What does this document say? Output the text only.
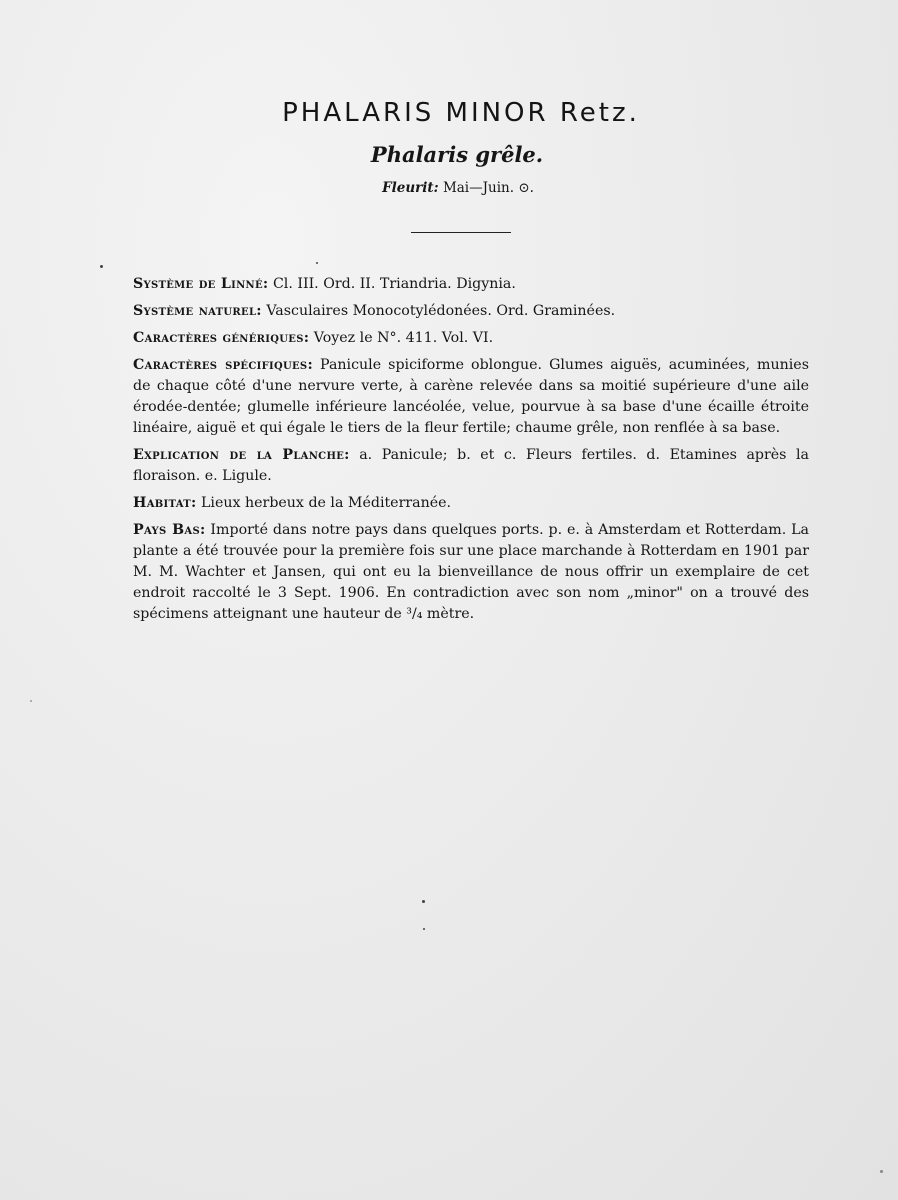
PHALARIS MINOR Retz.
Phalaris grêle.
Fleurit: Mai—Juin. ⊙.

Système de Linné: Cl. III. Ord. II. Triandria. Digynia.

Système naturel: Vasculaires Monocotylédonées. Ord. Graminées.

Caractères génériques: Voyez le N°. 411. Vol. VI.

Caractères spécifiques: Panicule spiciforme oblongue. Glumes aiguës, acuminées, munies de chaque côté d'une nervure verte, à carène relevée dans sa moitié supérieure d'une aile érodée-dentée; glumelle inférieure lancéolée, velue, pourvue à sa base d'une écaille étroite linéaire, aiguë et qui égale le tiers de la fleur fertile; chaume grêle, non renflée à sa base.

Explication de la Planche: a. Panicule; b. et c. Fleurs fertiles. d. Etamines après la floraison. e. Ligule.

Habitat: Lieux herbeux de la Méditerranée.

Pays Bas: Importé dans notre pays dans quelques ports. p. e. à Amsterdam et Rotterdam. La plante a été trouvée pour la première fois sur une place marchande à Rotterdam en 1901 par M. M. Wachter et Jansen, qui ont eu la bienveillance de nous offrir un exemplaire de cet endroit raccolté le 3 Sept. 1906. En contradiction avec son nom „minor" on a trouvé des spécimens atteignant une hauteur de ³/₄ mètre.
